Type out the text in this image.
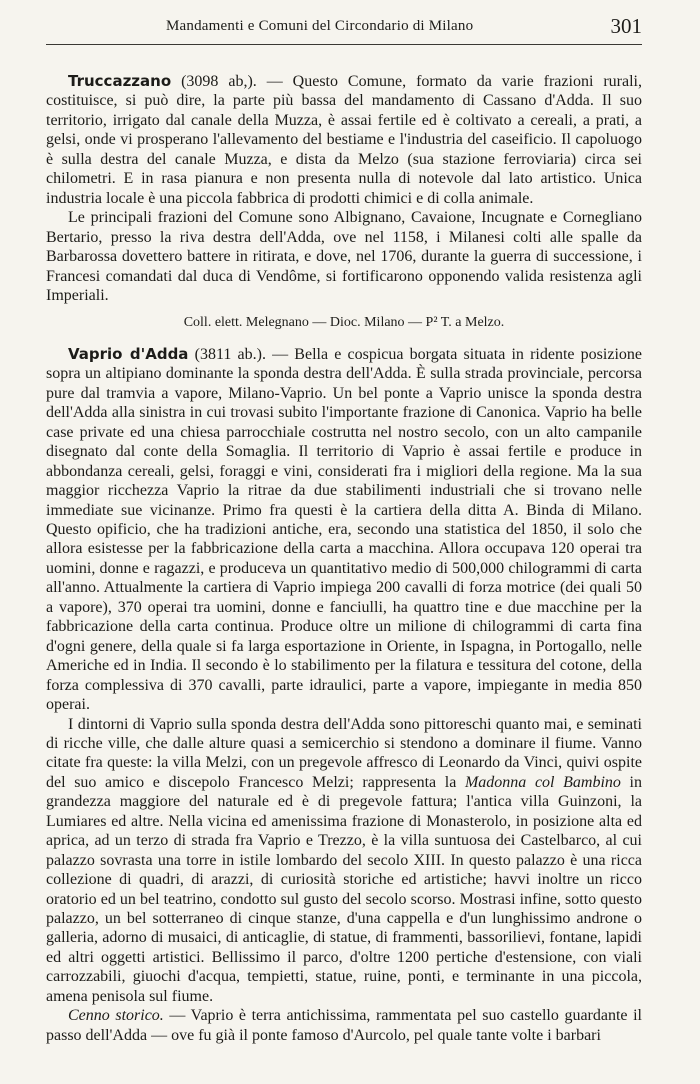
Mandamenti e Comuni del Circondario di Milano	301

Truccazzano (3098 ab,). — Questo Comune, formato da varie frazioni rurali, costituisce, si può dire, la parte più bassa del mandamento di Cassano d'Adda. Il suo territorio, irrigato dal canale della Muzza, è assai fertile ed è coltivato a cereali, a prati, a gelsi, onde vi prosperano l'allevamento del bestiame e l'industria del caseificio. Il capoluogo è sulla destra del canale Muzza, e dista da Melzo (sua stazione ferroviaria) circa sei chilometri. E in rasa pianura e non presenta nulla di notevole dal lato artistico. Unica industria locale è una piccola fabbrica di prodotti chimici e di colla animale.

Le principali frazioni del Comune sono Albignano, Cavaione, Incugnate e Cornegliano Bertario, presso la riva destra dell'Adda, ove nel 1158, i Milanesi colti alle spalle da Barbarossa dovettero battere in ritirata, e dove, nel 1706, durante la guerra di successione, i Francesi comandati dal duca di Vendôme, si fortificarono opponendo valida resistenza agli Imperiali.

Coll. elett. Melegnano — Dioc. Milano — P² T. a Melzo.

Vaprio d'Adda (3811 ab.). — Bella e cospicua borgata situata in ridente posizione sopra un altipiano dominante la sponda destra dell'Adda. È sulla strada provinciale, percorsa pure dal tramvia a vapore, Milano-Vaprio. Un bel ponte a Vaprio unisce la sponda destra dell'Adda alla sinistra in cui trovasi subito l'importante frazione di Canonica. Vaprio ha belle case private ed una chiesa parrocchiale costrutta nel nostro secolo, con un alto campanile disegnato dal conte della Somaglia. Il territorio di Vaprio è assai fertile e produce in abbondanza cereali, gelsi, foraggi e vini, considerati fra i migliori della regione. Ma la sua maggior ricchezza Vaprio la ritrae da due stabilimenti industriali che si trovano nelle immediate sue vicinanze. Primo fra questi è la cartiera della ditta A. Binda di Milano. Questo opificio, che ha tradizioni antiche, era, secondo una statistica del 1850, il solo che allora esistesse per la fabbricazione della carta a macchina. Allora occupava 120 operai tra uomini, donne e ragazzi, e produceva un quantitativo medio di 500,000 chilogrammi di carta all'anno. Attualmente la cartiera di Vaprio impiega 200 cavalli di forza motrice (dei quali 50 a vapore), 370 operai tra uomini, donne e fanciulli, ha quattro tine e due macchine per la fabbricazione della carta continua. Produce oltre un milione di chilogrammi di carta fina d'ogni genere, della quale si fa larga esportazione in Oriente, in Ispagna, in Portogallo, nelle Americhe ed in India. Il secondo è lo stabilimento per la filatura e tessitura del cotone, della forza complessiva di 370 cavalli, parte idraulici, parte a vapore, impiegante in media 850 operai.

I dintorni di Vaprio sulla sponda destra dell'Adda sono pittoreschi quanto mai, e seminati di ricche ville, che dalle alture quasi a semicerchio si stendono a dominare il fiume. Vanno citate fra queste: la villa Melzi, con un pregevole affresco di Leonardo da Vinci, quivi ospite del suo amico e discepolo Francesco Melzi; rappresenta la Madonna col Bambino in grandezza maggiore del naturale ed è di pregevole fattura; l'antica villa Guinzoni, la Lumiares ed altre. Nella vicina ed amenissima frazione di Monasterolo, in posizione alta ed aprica, ad un terzo di strada fra Vaprio e Trezzo, è la villa suntuosa dei Castelbarco, al cui palazzo sovrasta una torre in istile lombardo del secolo XIII. In questo palazzo è una ricca collezione di quadri, di arazzi, di curiosità storiche ed artistiche; havvi inoltre un ricco oratorio ed un bel teatrino, condotto sul gusto del secolo scorso. Mostrasi infine, sotto questo palazzo, un bel sotterraneo di cinque stanze, d'una cappella e d'un lunghissimo androne o galleria, adorno di musaici, di anticaglie, di statue, di frammenti, bassorilievi, fontane, lapidi ed altri oggetti artistici. Bellissimo il parco, d'oltre 1200 pertiche d'estensione, con viali carrozzabili, giuochi d'acqua, tempietti, statue, ruine, ponti, e terminante in una piccola, amena penisola sul fiume.

Cenno storico. — Vaprio è terra antichissima, rammentata pel suo castello guardante il passo dell'Adda — ove fu già il ponte famoso d'Aurcolo, pel quale tante volte i barbari
